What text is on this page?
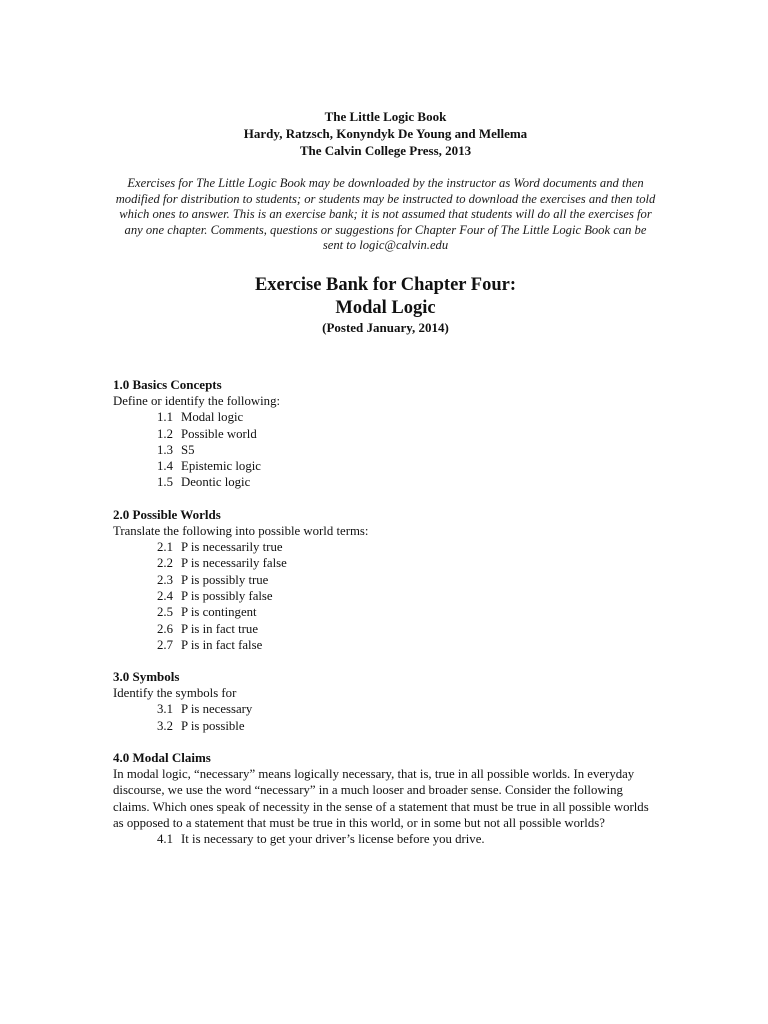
The Little Logic Book
Hardy, Ratzsch, Konyndyk De Young and Mellema
The Calvin College Press, 2013
Exercises for The Little Logic Book may be downloaded by the instructor as Word documents and then modified for distribution to students; or students may be instructed to download the exercises and then told which ones to answer. This is an exercise bank; it is not assumed that students will do all the exercises for any one chapter. Comments, questions or suggestions for Chapter Four of The Little Logic Book can be sent to logic@calvin.edu
Exercise Bank for Chapter Four:
Modal Logic
(Posted January, 2014)
1.0 Basics Concepts
Define or identify the following:
1.1 Modal logic
1.2 Possible world
1.3 S5
1.4 Epistemic logic
1.5 Deontic logic
2.0 Possible Worlds
Translate the following into possible world terms:
2.1 P is necessarily true
2.2 P is necessarily false
2.3 P is possibly true
2.4 P is possibly false
2.5 P is contingent
2.6 P is in fact true
2.7 P is in fact false
3.0 Symbols
Identify the symbols for
3.1 P is necessary
3.2 P is possible
4.0 Modal Claims
In modal logic, “necessary” means logically necessary, that is, true in all possible worlds. In everyday discourse, we use the word “necessary” in a much looser and broader sense. Consider the following claims. Which ones speak of necessity in the sense of a statement that must be true in all possible worlds as opposed to a statement that must be true in this world, or in some but not all possible worlds?
4.1 It is necessary to get your driver’s license before you drive.
